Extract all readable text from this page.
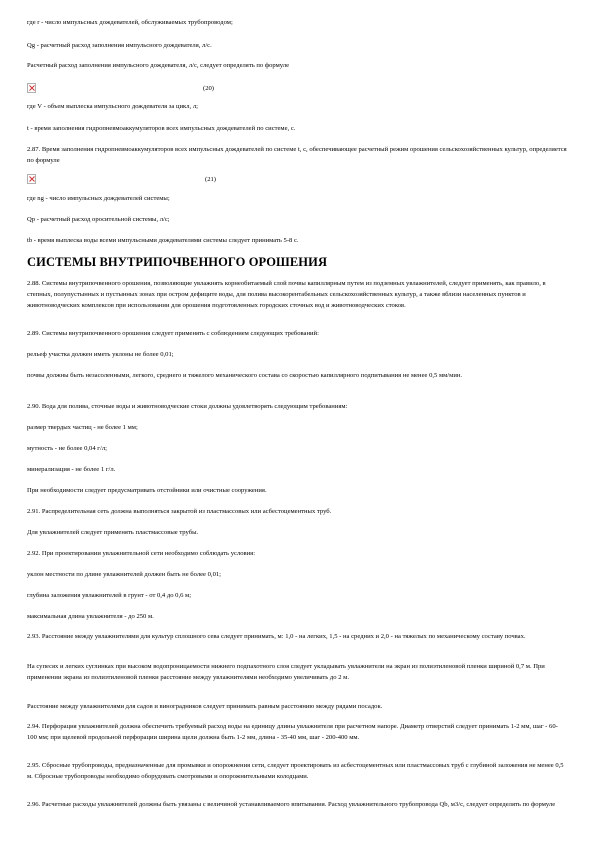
где r - число импульсных дождевателей, обслуживаемых трубопроводом;

Qg - расчетный расход заполнения импульсного дождевателя, л/с.

Расчетный расход заполнения импульсного дождевателя, л/с, следует определять по формуле

(20)

где V - объем выплеска импульсного дождевателя за цикл, л;

t - время заполнения гидропневмоаккумуляторов всех импульсных дождевателей по системе, с.

2.87. Время заполнения гидропневмоаккумуляторов всех импульсных дождевателей по системе t, с, обеспечивающее расчетный режим орошения сельскохозяйственных культур, определяется по формуле

(21)

где ng - число импульсных дождевателей системы;

Qp - расчетный расход оросительной системы, л/с;

tb - время выплеска воды всеми импульсными дождевателями системы следует принимать 5-8 с.

СИСТЕМЫ ВНУТРИПОЧВЕННОГО ОРОШЕНИЯ

2.88. Системы внутрипочвенного орошения, позволяющие увлажнять корнеобитаемый слой почвы капиллярным путем из подземных увлажнителей, следует применять, как правило, в степных, полупустынных и пустынных зонах при остром дефиците воды, для полива высокорентабельных сельскохозяйственных культур, а также вблизи населенных пунктов и животноводческих комплексов при использовании для орошения подготовленных городских сточных вод и животноводческих стоков.

2.89. Системы внутрипочвенного орошения следует применять с соблюдением следующих требований:

рельеф участка должен иметь уклоны не более 0,01;

почвы должны быть незасоленными, легкого, среднего и тяжелого механического состава со скоростью капиллярного подпитывания не менее 0,5 мм/мин.

2.90. Вода для полива, сточные воды и животноводческие стоки должны удовлетворять следующим требованиям:

размер твердых частиц - не более 1 мм;

мутность - не более 0,04 г/л;

минерализация - не более 1 г/л.

При необходимости следует предусматривать отстойники или очистные сооружения.

2.91. Распределительная сеть должна выполняться закрытой из пластмассовых или асбестоцементных труб.

Для увлажнителей следует применять пластмассовые трубы.

2.92. При проектировании увлажнительной сети необходимо соблюдать условия:

уклон местности по длине увлажнителей должен быть не более 0,01;

глубина заложения увлажнителей в грунт - от 0,4 до 0,6 м;

максимальная длина увлажнителя - до 250 м.

2.93. Расстояние между увлажнителями для культур сплошного сева следует принимать, м: 1,0 - на легких, 1,5 - на средних и 2,0 - на тяжелых по механическому составу почвах.

На супесях и легких суглинках при высоком водопроницаемости нижнего подпахотного слоя следует укладывать увлажнители на экран из полиэтиленовой пленки шириной 0,7 м. При применении экрана из полиэтиленовой пленки расстояние между увлажнителями необходимо увеличивать до 2 м.

Расстояние между увлажнителями для садов и виноградников следует принимать равным расстоянию между рядами посадок.

2.94. Перфорация увлажнителей должна обеспечить требуемый расход воды на единицу длины увлажнителя при расчетном напоре. Диаметр отверстий следует принимать 1-2 мм, шаг - 60-100 мм; при щелевой продольной перфорации ширина щели должна быть 1-2 мм, длина - 35-40 мм, шаг - 200-400 мм.

2.95. Сбросные трубопроводы, предназначенные для промывки и опорожнения сети, следует проектировать из асбестоцементных или пластмассовых труб с глубиной заложения не менее 0,5 м. Сбросные трубопроводы необходимо оборудовать смотровыми и опорожнительными колодцами.

2.96. Расчетные расходы увлажнителей должны быть увязаны с величиной устанавливаемого впитывания. Расход увлажнительного трубопровода Qb, м3/с, следует определять по формуле
